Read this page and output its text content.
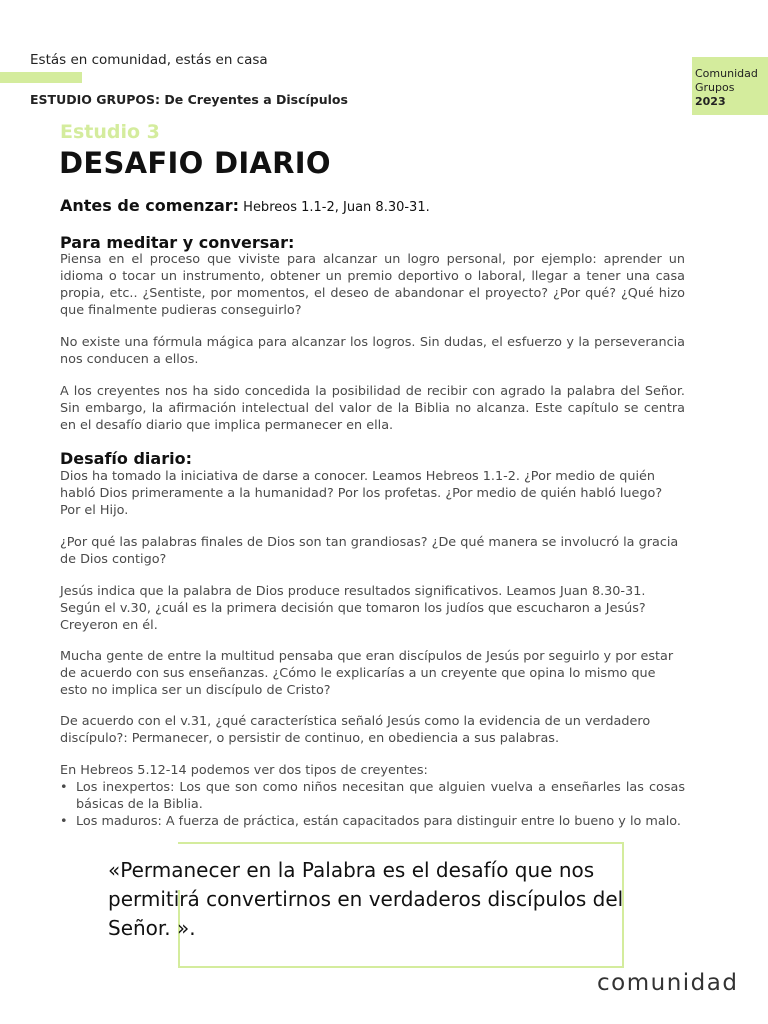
Estás en comunidad, estás en casa
ESTUDIO GRUPOS: De Creyentes a Discípulos
Comunidad
Grupos
2023
Estudio 3
DESAFIO DIARIO
Antes de comenzar: Hebreos 1.1-2, Juan 8.30-31.
Para meditar y conversar:

Piensa en el proceso que viviste para alcanzar un logro personal, por ejemplo: aprender un idioma o tocar un instrumento, obtener un premio deportivo o laboral, llegar a tener una casa propia, etc.. ¿Sentiste, por momentos, el deseo de abandonar el proyecto? ¿Por qué? ¿Qué hizo que finalmente pudieras conseguirlo?

No existe una fórmula mágica para alcanzar los logros. Sin dudas, el esfuerzo y la perseverancia nos conducen a ellos.

A los creyentes nos ha sido concedida la posibilidad de recibir con agrado la palabra del Señor. Sin embargo, la afirmación intelectual del valor de la Biblia no alcanza. Este capítulo se centra en el desafío diario que implica permanecer en ella.

Desafío diario:

Dios ha tomado la iniciativa de darse a conocer. Leamos Hebreos 1.1-2. ¿Por medio de quién habló Dios primeramente a la humanidad? Por los profetas. ¿Por medio de quién habló luego? Por el Hijo.

¿Por qué las palabras finales de Dios son tan grandiosas? ¿De qué manera se involucró la gracia de Dios contigo?

Jesús indica que la palabra de Dios produce resultados significativos. Leamos Juan 8.30-31. Según el v.30, ¿cuál es la primera decisión que tomaron los judíos que escucharon a Jesús? Creyeron en él.

Mucha gente de entre la multitud pensaba que eran discípulos de Jesús por seguirlo y por estar de acuerdo con sus enseñanzas. ¿Cómo le explicarías a un creyente que opina lo mismo que esto no implica ser un discípulo de Cristo?

De acuerdo con el v.31, ¿qué característica señaló Jesús como la evidencia de un verdadero discípulo?: Permanecer, o persistir de continuo, en obediencia a sus palabras.

En Hebreos 5.12-14 podemos ver dos tipos de creyentes:

• Los inexpertos: Los que son como niños necesitan que alguien vuelva a enseñarles las cosas básicas de la Biblia.
• Los maduros: A fuerza de práctica, están capacitados para distinguir entre lo bueno y lo malo.

«Permanecer en la Palabra es el desafío que nos permitirá convertirnos en verdaderos discípulos del Señor. ».

comunidad
